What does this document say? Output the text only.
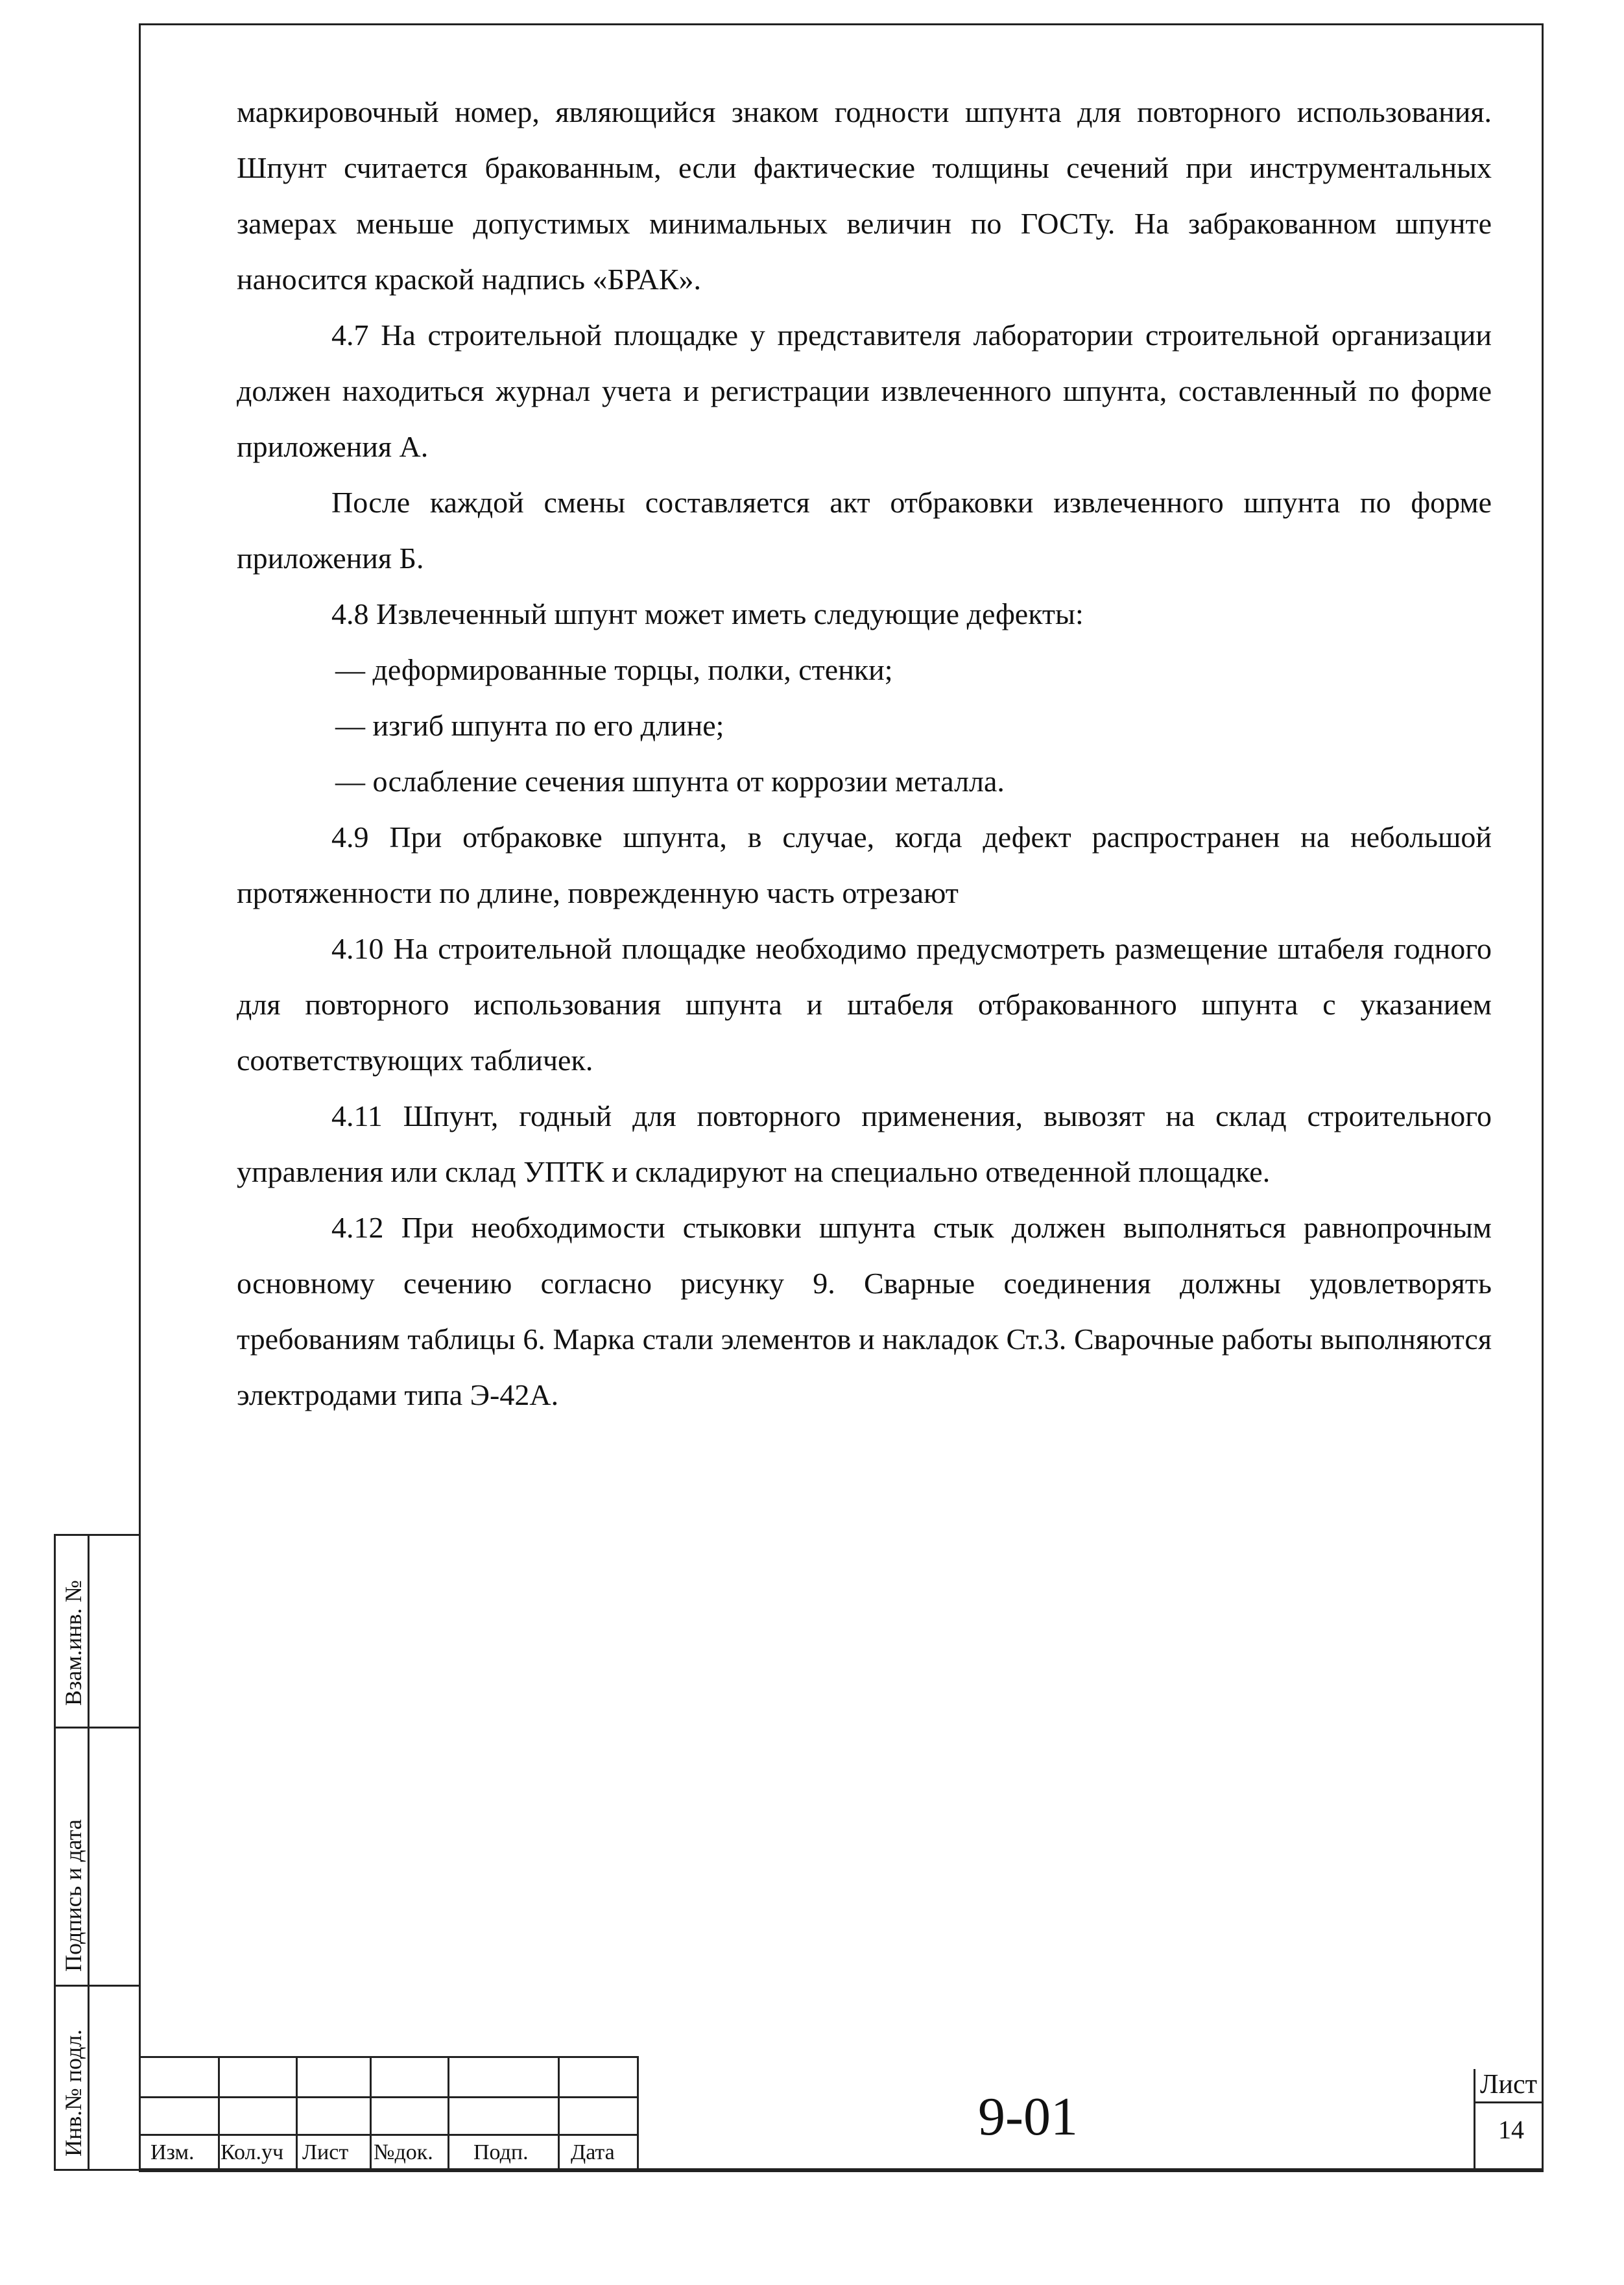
маркировочный номер, являющийся знаком годности шпунта для повторного использования. Шпунт считается бракованным, если фактические толщины сечений при инструментальных замерах меньше допустимых минимальных величин по ГОСТу. На забракованном шпунте наносится краской надпись «БРАК».

4.7 На строительной площадке у представителя лаборатории строительной организации должен находиться журнал учета и регистрации извлеченного шпунта, составленный по форме приложения А.

После каждой смены составляется акт отбраковки извлеченного шпунта по форме приложения Б.

4.8 Извлеченный шпунт может иметь следующие дефекты:

— деформированные торцы, полки, стенки;

— изгиб шпунта по его длине;

— ослабление сечения шпунта от коррозии металла.

4.9 При отбраковке шпунта, в случае, когда дефект распространен на небольшой протяженности по длине, поврежденную часть отрезают

4.10 На строительной площадке необходимо предусмотреть размещение штабеля годного для повторного использования шпунта и штабеля отбракованного шпунта с указанием соответствующих табличек.

4.11 Шпунт, годный для повторного применения, вывозят на склад строительного управления или склад УПТК и складируют на специально отведенной площадке.

4.12 При необходимости стыковки шпунта стык должен выполняться равнопрочным основному сечению согласно рисунку 9. Сварные соединения должны удовлетворять требованиям таблицы 6. Марка стали элементов и накладок Ст.3. Сварочные работы выполняются электродами типа Э-42А.

Взам.инв. №
Подпись и дата
Инв.№ подл.	Изм. Кол.уч Лист №док. Подп. Дата
9-01
Лист
14
